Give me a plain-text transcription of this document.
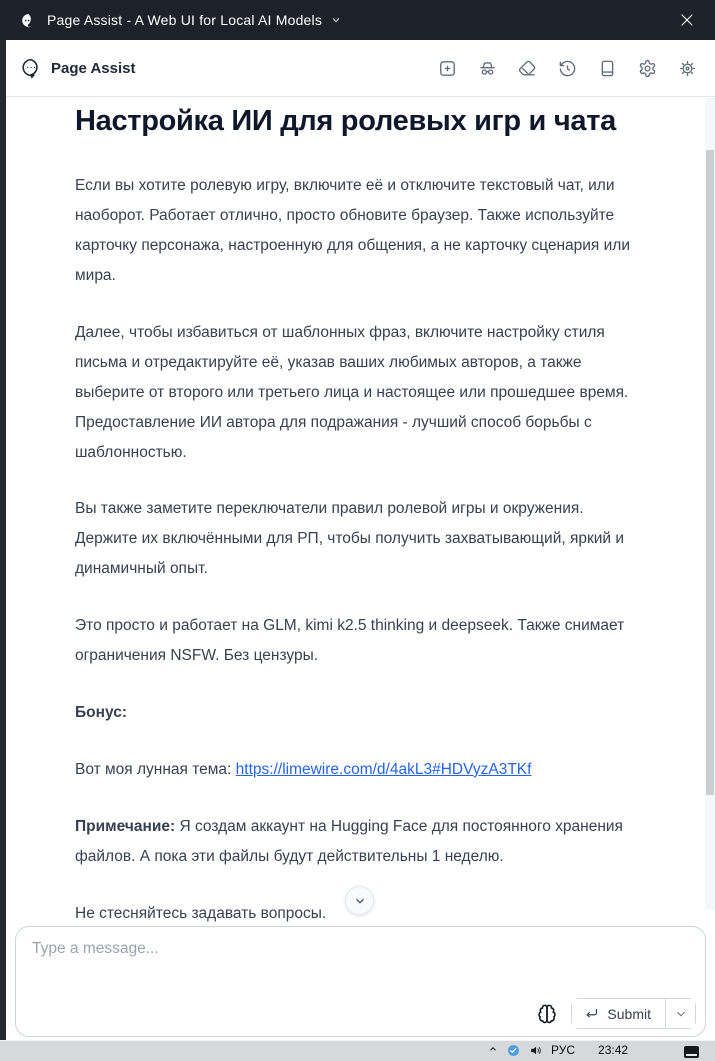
Page Assist - A Web UI for Local AI Models
Page Assist
Настройка ИИ для ролевых игр и чата

Если вы хотите ролевую игру, включите её и отключите текстовый чат, или наоборот. Работает отлично, просто обновите браузер. Также используйте карточку персонажа, настроенную для общения, а не карточку сценария или мира.

Далее, чтобы избавиться от шаблонных фраз, включите настройку стиля письма и отредактируйте её, указав ваших любимых авторов, а также выберите от второго или третьего лица и настоящее или прошедшее время. Предоставление ИИ автора для подражания - лучший способ борьбы с шаблонностью.

Вы также заметите переключатели правил ролевой игры и окружения. Держите их включёнными для РП, чтобы получить захватывающий, яркий и динамичный опыт.

Это просто и работает на GLM, kimi k2.5 thinking и deepseek. Также снимает ограничения NSFW. Без цензуры.

Бонус:

Вот моя лунная тема: https://limewire.com/d/4akL3#HDVyzA3TKf

Примечание: Я создам аккаунт на Hugging Face для постоянного хранения файлов. А пока эти файлы будут действительны 1 неделю.

Не стесняйтесь задавать вопросы.

Type a message...
Submit
РУС 23:42
